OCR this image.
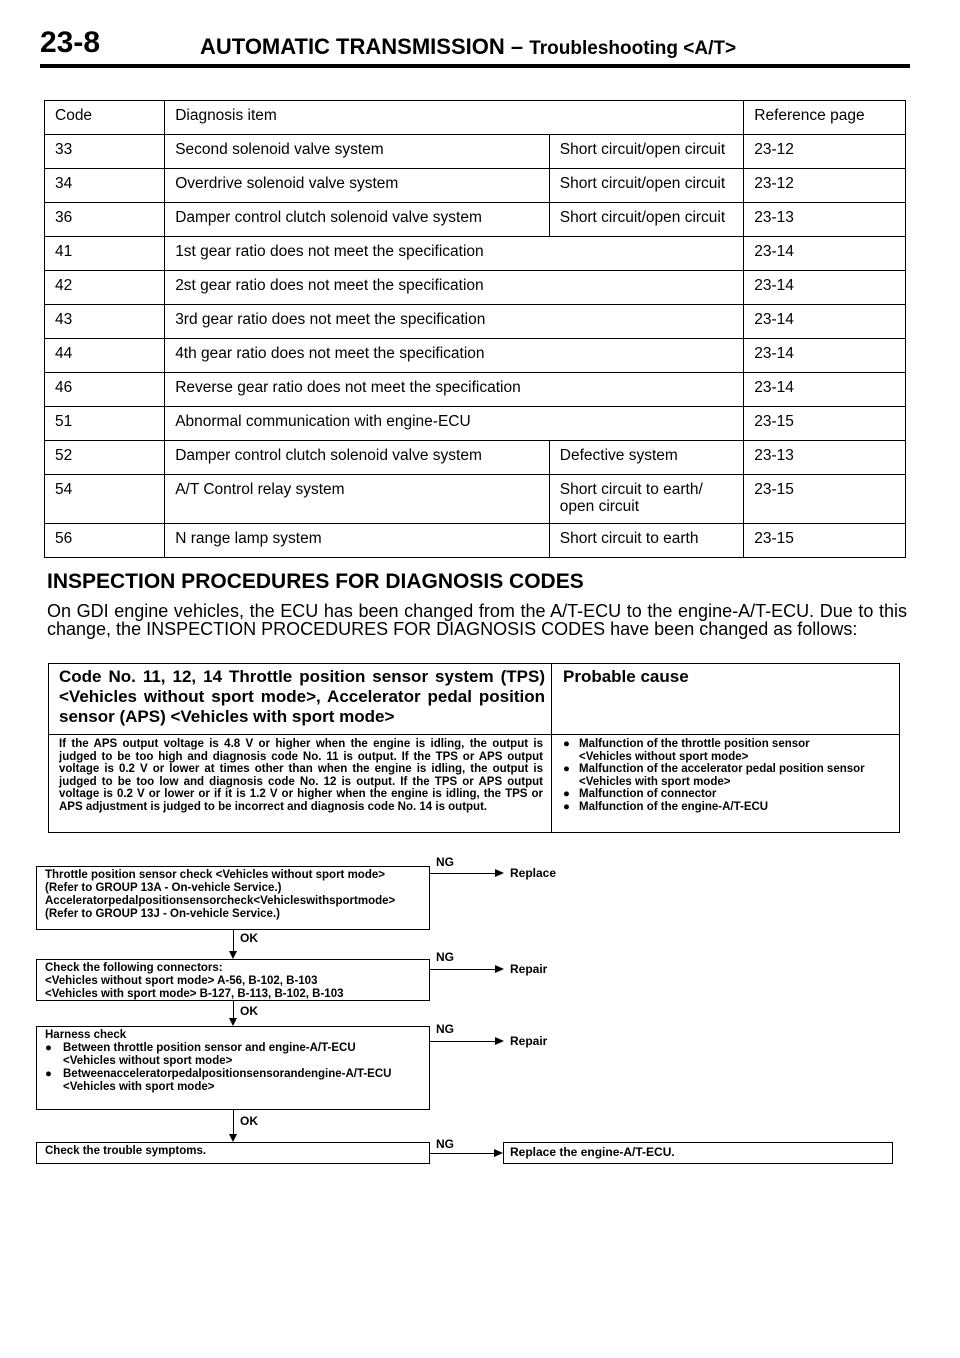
23-8	AUTOMATIC TRANSMISSION – Troubleshooting <A/T>
Code	Diagnosis item		Reference page
33	Second solenoid valve system	Short circuit/open circuit	23-12
34	Overdrive solenoid valve system	Short circuit/open circuit	23-12
36	Damper control clutch solenoid valve system	Short circuit/open circuit	23-13
41	1st gear ratio does not meet the specification		23-14
42	2st gear ratio does not meet the specification		23-14
43	3rd gear ratio does not meet the specification		23-14
44	4th gear ratio does not meet the specification		23-14
46	Reverse gear ratio does not meet the specification		23-14
51	Abnormal communication with engine-ECU		23-15
52	Damper control clutch solenoid valve system	Defective system	23-13
54	A/T Control relay system	Short circuit to earth/ open circuit	23-15
56	N range lamp system	Short circuit to earth	23-15
INSPECTION PROCEDURES FOR DIAGNOSIS CODES
On GDI engine vehicles, the ECU has been changed from the A/T-ECU to the engine-A/T-ECU. Due to this change, the INSPECTION PROCEDURES FOR DIAGNOSIS CODES have been changed as follows:
Code No. 11, 12, 14 Throttle position sensor system (TPS) <Vehicles without sport mode>, Accelerator pedal position sensor (APS) <Vehicles with sport mode>
Probable cause
If the APS output voltage is 4.8 V or higher when the engine is idling, the output is judged to be too high and diagnosis code No. 11 is output. If the TPS or APS output voltage is 0.2 V or lower at times other than when the engine is idling, the output is judged to be too low and diagnosis code No. 12 is output. If the TPS or APS output voltage is 0.2 V or lower or if it is 1.2 V or higher when the engine is idling, the TPS or APS adjustment is judged to be incorrect and diagnosis code No. 14 is output.
● Malfunction of the throttle position sensor
<Vehicles without sport mode>
● Malfunction of the accelerator pedal position sensor
<Vehicles with sport mode>
● Malfunction of connector
● Malfunction of the engine-A/T-ECU
Throttle position sensor check <Vehicles without sport mode>
(Refer to GROUP 13A - On-vehicle Service.)
Acceleratorpedalpositionsensorcheck<Vehicleswithsportmode>
(Refer to GROUP 13J - On-vehicle Service.)
NG
Replace
OK
Check the following connectors:
<Vehicles without sport mode> A-56, B-102, B-103
<Vehicles with sport mode> B-127, B-113, B-102, B-103
NG
Repair
OK
Harness check
● Between throttle position sensor and engine-A/T-ECU
<Vehicles without sport mode>
● Betweenacceleratorpedalpositionsensorandengine-A/T-ECU
<Vehicles with sport mode>
NG
Repair
OK
Check the trouble symptoms.	NG
Replace the engine-A/T-ECU.
